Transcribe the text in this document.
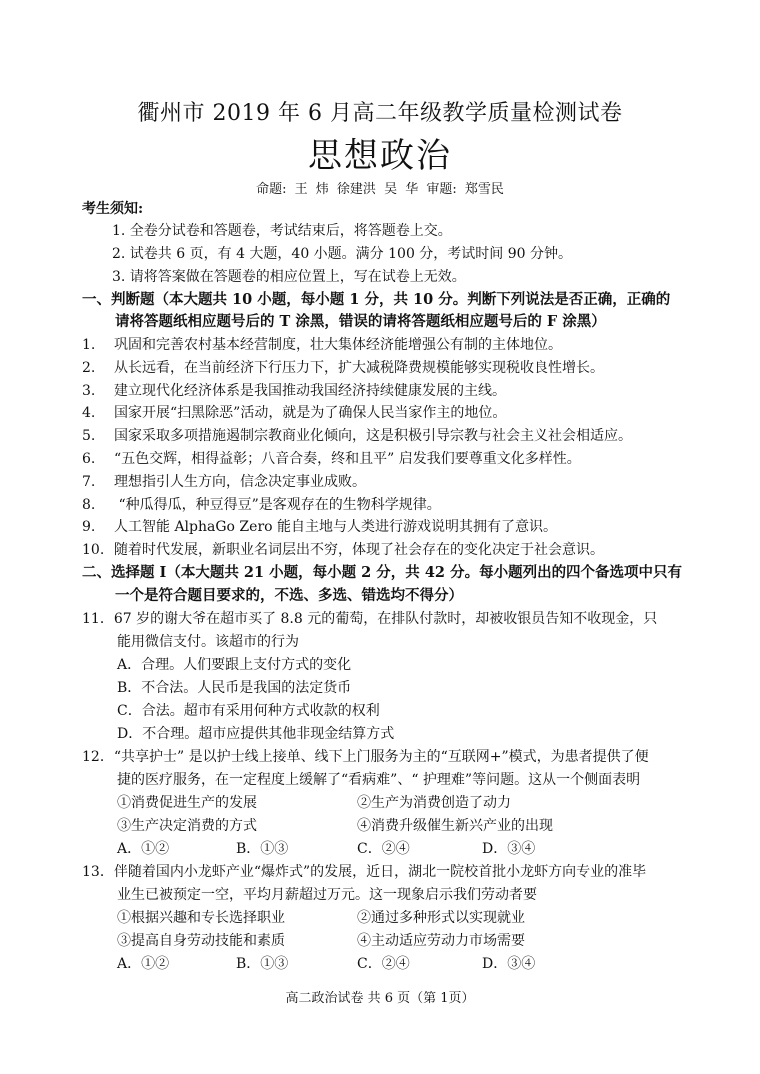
衢州市 2019 年 6 月高二年级教学质量检测试卷
思想政治
命题: 王 炜 徐建洪 吴 华 审题: 郑雪民
考生须知:
1. 全卷分试卷和答题卷，考试结束后，将答题卷上交。
2. 试卷共 6 页，有 4 大题，40 小题。满分 100 分，考试时间 90 分钟。
3. 请将答案做在答题卷的相应位置上，写在试卷上无效。
一、判断题（本大题共 10 小题，每小题 1 分，共 10 分。判断下列说法是否正确，正确的
请将答题纸相应题号后的 T 涂黑，错误的请将答题纸相应题号后的 F 涂黑）
1. 巩固和完善农村基本经营制度，壮大集体经济能增强公有制的主体地位。
2. 从长远看，在当前经济下行压力下，扩大减税降费规模能够实现税收良性增长。
3. 建立现代化经济体系是我国推动我国经济持续健康发展的主线。
4. 国家开展“扫黑除恶”活动，就是为了确保人民当家作主的地位。
5. 国家采取多项措施遏制宗教商业化倾向，这是积极引导宗教与社会主义社会相适应。
6. “五色交辉，相得益彰；八音合奏，终和且平” 启发我们要尊重文化多样性。
7. 理想指引人生方向，信念决定事业成败。
8. “种瓜得瓜，种豆得豆”是客观存在的生物科学规律。
9. 人工智能 AlphaGo Zero 能自主地与人类进行游戏说明其拥有了意识。
10. 随着时代发展，新职业名词层出不穷，体现了社会存在的变化决定于社会意识。
二、选择题 I（本大题共 21 小题，每小题 2 分，共 42 分。每小题列出的四个备选项中只有
一个是符合题目要求的，不选、多选、错选均不得分）
11．67 岁的谢大爷在超市买了 8.8 元的葡萄，在排队付款时，却被收银员告知不收现金，只
能用微信支付。该超市的行为
A．合理。人们要跟上支付方式的变化
B．不合法。人民币是我国的法定货币
C．合法。超市有采用何种方式收款的权利
D．不合理。超市应提供其他非现金结算方式
12．“共享护士” 是以护士线上接单、线下上门服务为主的“互联网+”模式，为患者提供了便
捷的医疗服务，在一定程度上缓解了“看病难”、“ 护理难”等问题。这从一个侧面表明
①消费促进生产的发展	②生产为消费创造了动力
③生产决定消费的方式	④消费升级催生新兴产业的出现
A．①②	B．①③	C．②④	D．③④
13．伴随着国内小龙虾产业“爆炸式”的发展，近日，湖北一院校首批小龙虾方向专业的准毕
业生已被预定一空，平均月薪超过万元。这一现象启示我们劳动者要
①根据兴趣和专长选择职业	②通过多种形式以实现就业
③提高自身劳动技能和素质	④主动适应劳动力市场需要
A．①②	B．①③	C．②④	D．③④
高二政治试卷 共 6 页（第 1页）
